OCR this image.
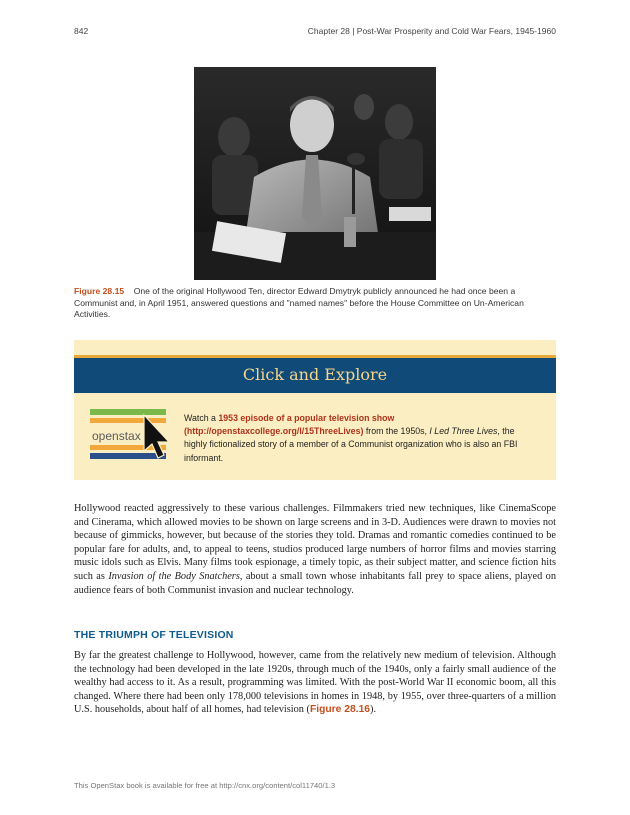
842	Chapter 28 | Post-War Prosperity and Cold War Fears, 1945-1960
Figure 28.15 One of the original Hollywood Ten, director Edward Dmytryk publicly announced he had once been a Communist and, in April 1951, answered questions and "named names" before the House Committee on Un-American Activities.
Click and Explore
openstax
Watch a 1953 episode of a popular television show (http://openstaxcollege.org/l/15ThreeLives) from the 1950s, I Led Three Lives, the highly fictionalized story of a member of a Communist organization who is also an FBI informant.

Hollywood reacted aggressively to these various challenges. Filmmakers tried new techniques, like CinemaScope and Cinerama, which allowed movies to be shown on large screens and in 3-D. Audiences were drawn to movies not because of gimmicks, however, but because of the stories they told. Dramas and romantic comedies continued to be popular fare for adults, and, to appeal to teens, studios produced large numbers of horror films and movies starring music idols such as Elvis. Many films took espionage, a timely topic, as their subject matter, and science fiction hits such as Invasion of the Body Snatchers, about a small town whose inhabitants fall prey to space aliens, played on audience fears of both Communist invasion and nuclear technology.

THE TRIUMPH OF TELEVISION

By far the greatest challenge to Hollywood, however, came from the relatively new medium of television. Although the technology had been developed in the late 1920s, through much of the 1940s, only a fairly small audience of the wealthy had access to it. As a result, programming was limited. With the post-World War II economic boom, all this changed. Where there had been only 178,000 televisions in homes in 1948, by 1955, over three-quarters of a million U.S. households, about half of all homes, had television (Figure 28.16).

This OpenStax book is available for free at http://cnx.org/content/col11740/1.3
